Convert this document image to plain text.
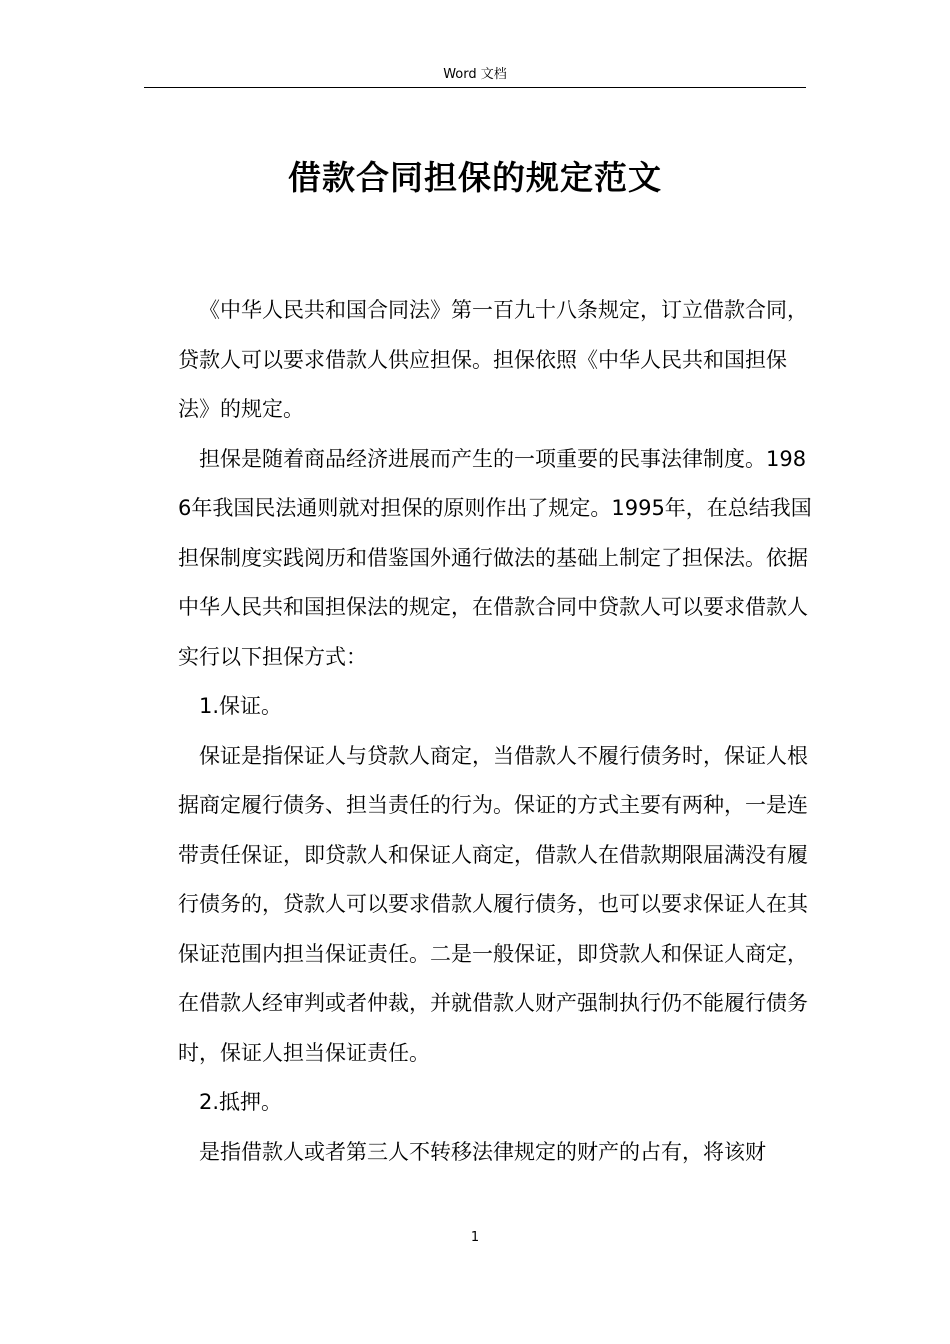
Word 文档
借款合同担保的规定范文

《中华人民共和国合同法》第一百九十八条规定，订立借款合同，贷款人可以要求借款人供应担保。担保依照《中华人民共和国担保法》的规定。

担保是随着商品经济进展而产生的一项重要的民事法律制度。1986年我国民法通则就对担保的原则作出了规定。1995年，在总结我国担保制度实践阅历和借鉴国外通行做法的基础上制定了担保法。依据中华人民共和国担保法的规定，在借款合同中贷款人可以要求借款人实行以下担保方式：

1.保证。

保证是指保证人与贷款人商定，当借款人不履行债务时，保证人根据商定履行债务、担当责任的行为。保证的方式主要有两种，一是连带责任保证，即贷款人和保证人商定，借款人在借款期限届满没有履行债务的，贷款人可以要求借款人履行债务，也可以要求保证人在其保证范围内担当保证责任。二是一般保证，即贷款人和保证人商定，在借款人经审判或者仲裁，并就借款人财产强制执行仍不能履行债务时，保证人担当保证责任。

2.抵押。

是指借款人或者第三人不转移法律规定的财产的占有，将该财

1
